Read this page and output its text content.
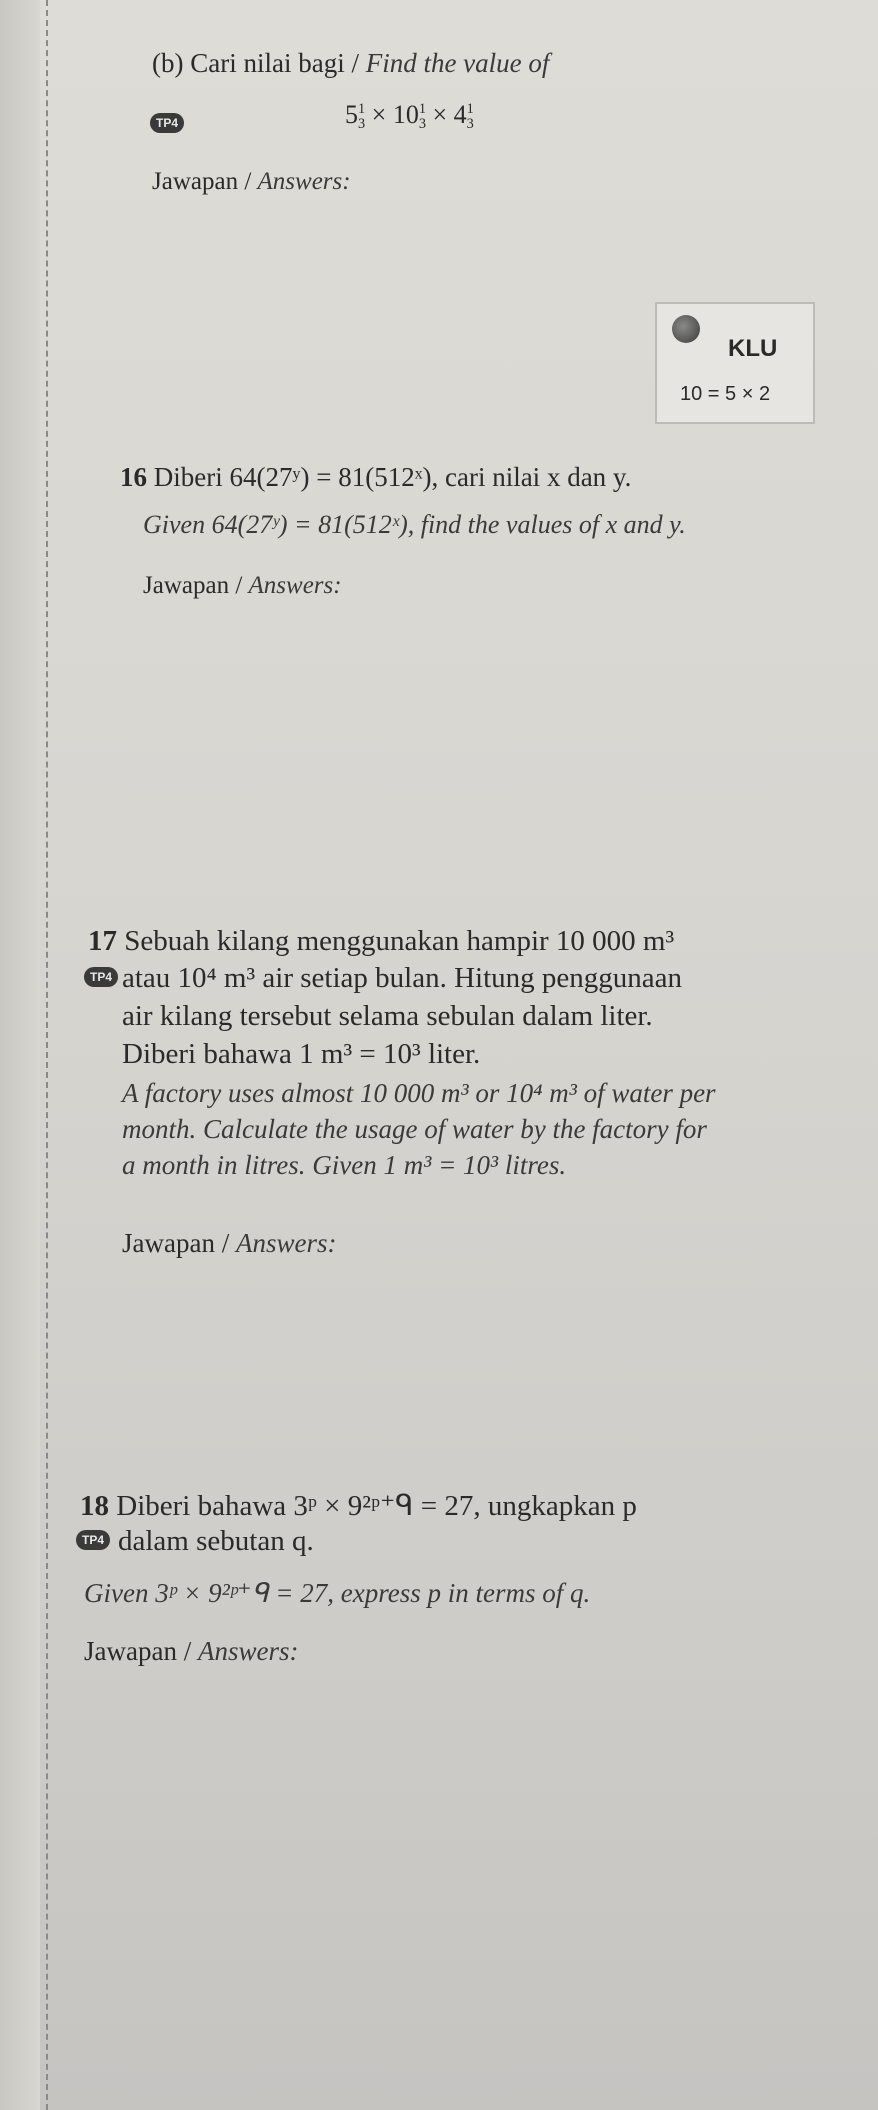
(b) Cari nilai bagi / Find the value of
TP4	5 1
3 × 10 1
3 × 4 1
3
Jawapan / Answers:
KLU
10 = 5 × 2
16 Diberi 64(27ʸ) = 81(512ˣ), cari nilai x dan y.
Given 64(27ʸ) = 81(512ˣ), find the values of x and y.
Jawapan / Answers:
17 Sebuah kilang menggunakan hampir 10 000 m³
TP4 atau 10⁴ m³ air setiap bulan. Hitung penggunaan
air kilang tersebut selama sebulan dalam liter.
Diberi bahawa 1 m³ = 10³ liter.
A factory uses almost 10 000 m³ or 10⁴ m³ of water per
month. Calculate the usage of water by the factory for
a month in litres. Given 1 m³ = 10³ litres.
Jawapan / Answers:
18 Diberi bahawa 3ᵖ × 9²ᵖ⁺ᑫ = 27, ungkapkan p
TP4 dalam sebutan q.
Given 3ᵖ × 9²ᵖ⁺ᑫ = 27, express p in terms of q.
Jawapan / Answers:
